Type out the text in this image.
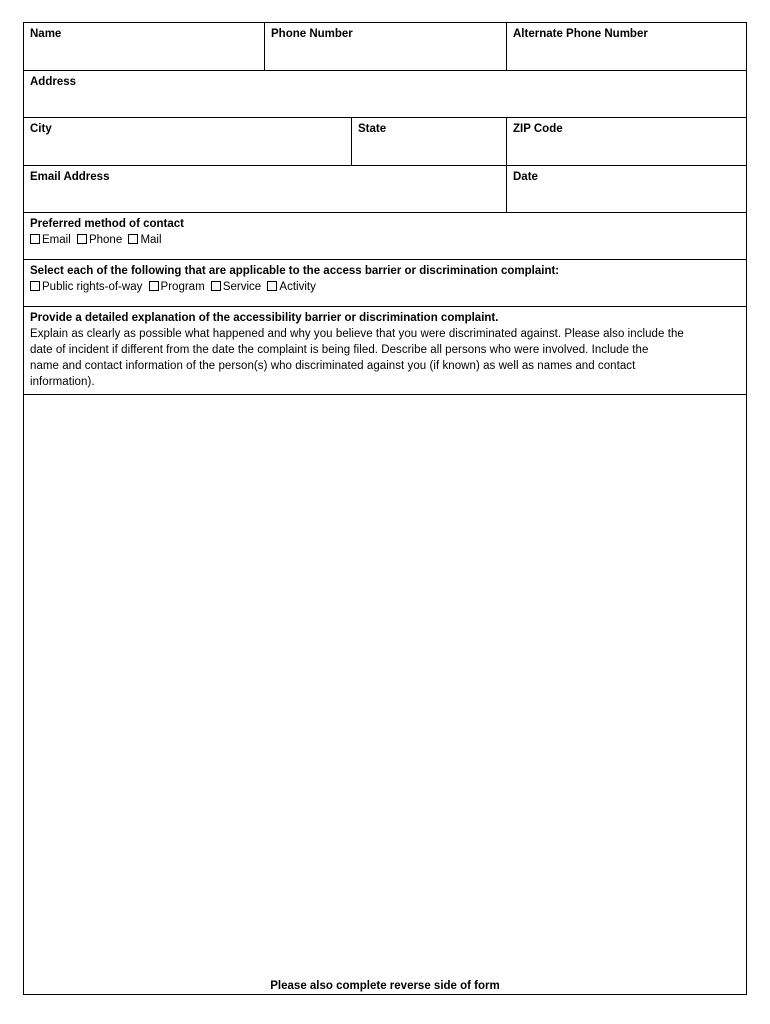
Name	Phone Number	Alternate Phone Number
Address
City	State	ZIP Code
Email Address	Date
Preferred method of contact
Email Phone Mail
Select each of the following that are applicable to the access barrier or discrimination complaint:
Public rights-of-way Program Service Activity
Provide a detailed explanation of the accessibility barrier or discrimination complaint.
Explain as clearly as possible what happened and why you believe that you were discriminated against. Please also include the
date of incident if different from the date the complaint is being filed. Describe all persons who were involved. Include the
name and contact information of the person(s) who discriminated against you (if known) as well as names and contact
information).
Please also complete reverse side of form
